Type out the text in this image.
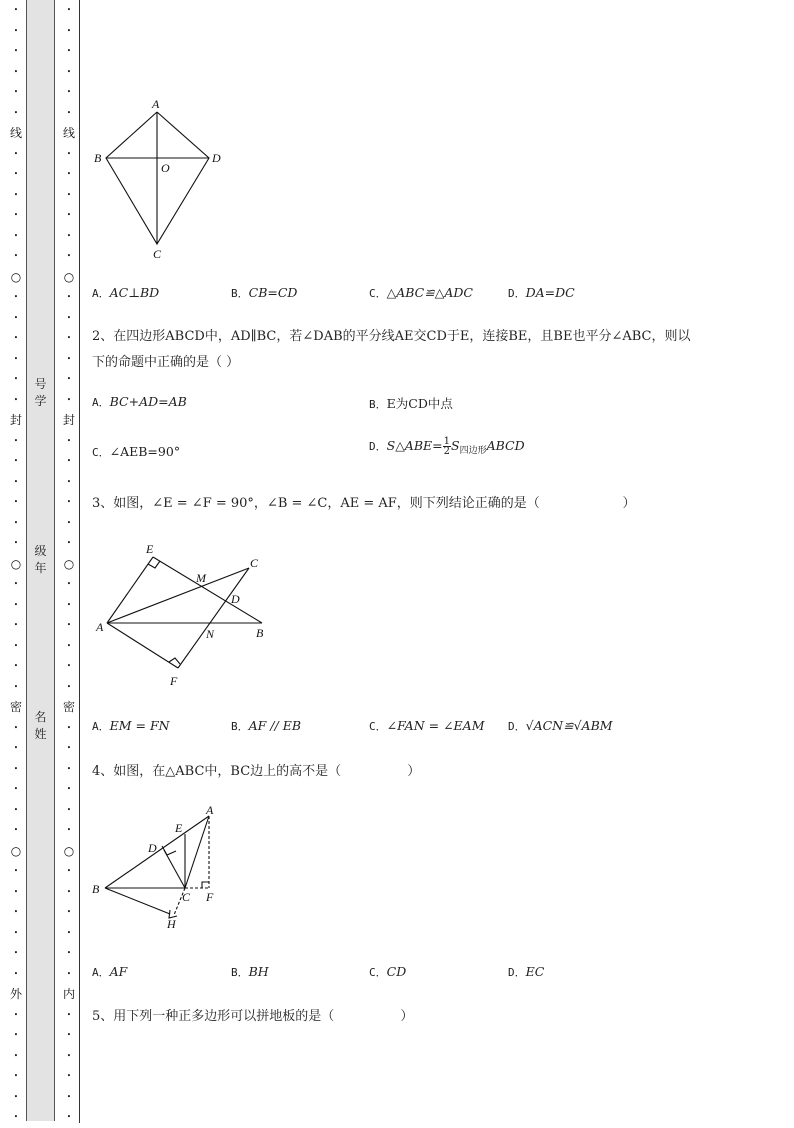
•
•
•
•
•
•
线
•
•
•
•
•
•
○
•
•
•
•
•
•
封
•
•
•
•
•
•
○
•
•
•
•
•
•
密
•
•
•
•
•
•
○
•
•
•
•
•
•
外
•
•
•
•
•
•
•
•
•
•
•
•
线
•
•
•
•
•
•
○
•
•
•
•
•
•
封
•
•
•
•
•
•
○
•
•
•
•
•
•
密
•
•
•
•
•
•
○
•
•
•
•
•
•
内
•
•
•
•
•
•
号
学
级
年
名
姓
A
B	D
O
C
A．AC⊥BD	B．CB=CD	C．△ABC≌△ADC	D．DA=DC
2、在四边形ABCD中，AD∥BC，若∠DAB的平分线AE交CD于E，连接BE，且BE也平分∠ABC，则以
下的命题中正确的是（ ）
A．BC+AD=AB	B．E为CD中点
C．∠AEB=90°	D．S△ABE= $\frac{1}{2}$ $S_{四边形}ABCD$
3、如图，∠E = ∠F = 90°，∠B = ∠C，AE = AF，则下列结论正确的是（                    ）
E
M
C
D
A	N	B
F
A．EM = FN	B．AF // EB	C．∠FAN = ∠EAM D．√ACN≌√ABM
4、如图，在△ABC中，BC边上的高不是（                ）
A
E
D
B
C F
H
A．AF	B．BH	C．CD	D．EC
5、用下列一种正多边形可以拼地板的是（                ）
